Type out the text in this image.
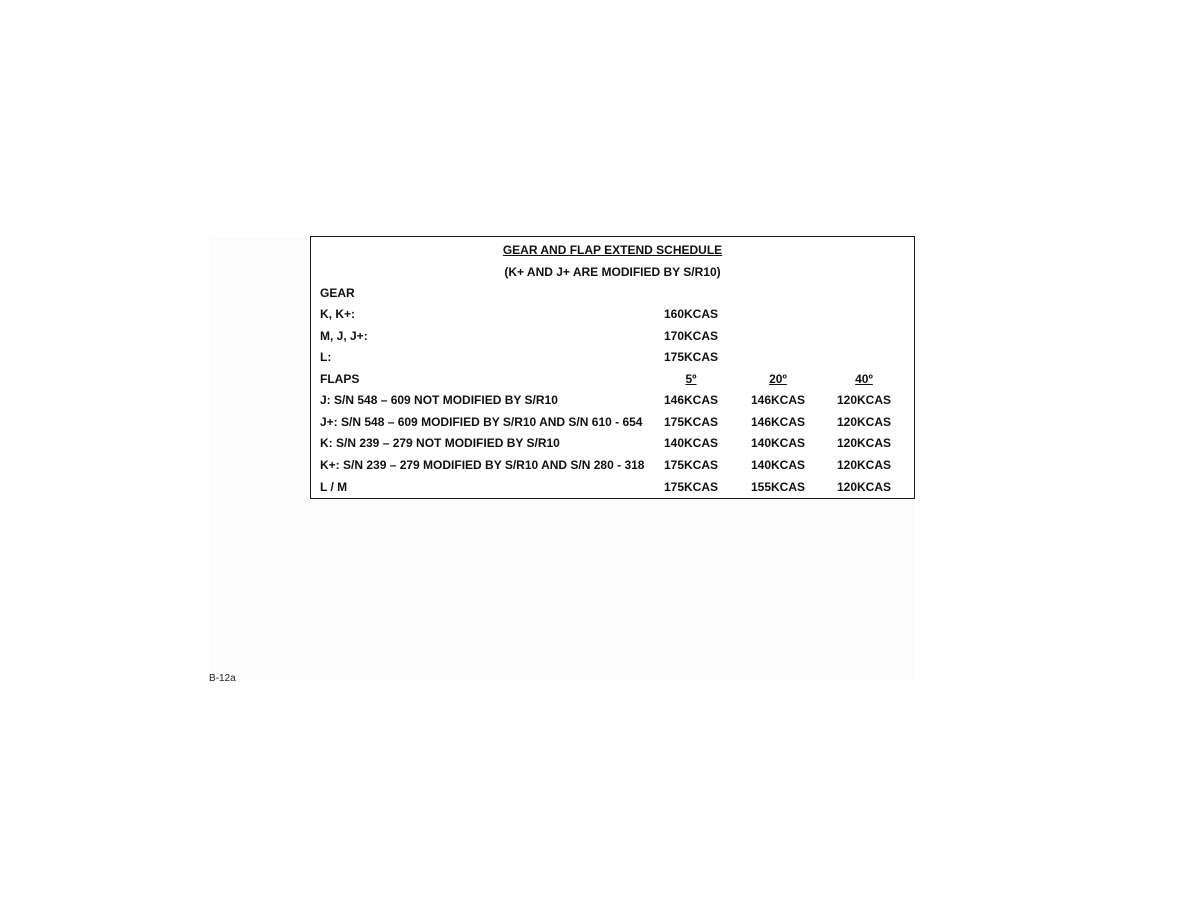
GEAR AND FLAP EXTEND SCHEDULE
(K+ AND J+ ARE MODIFIED BY S/R10)
GEAR
K, K+:	160KCAS
M, J, J+:	170KCAS
L:	175KCAS
FLAPS	5º	20º	40º
J: S/N 548 – 609 NOT MODIFIED BY S/R10	146KCAS	146KCAS	120KCAS
J+: S/N 548 – 609 MODIFIED BY S/R10 AND S/N 610 - 654	175KCAS	146KCAS	120KCAS
K: S/N 239 – 279 NOT MODIFIED BY S/R10	140KCAS	140KCAS	120KCAS
K+: S/N 239 – 279 MODIFIED BY S/R10 AND S/N 280 - 318	175KCAS	140KCAS	120KCAS
L / M	175KCAS	155KCAS	120KCAS
B-12a
